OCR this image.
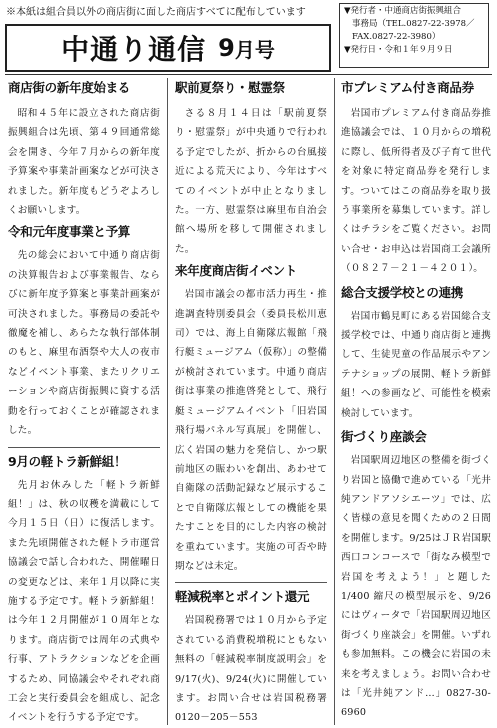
※本紙は組合員以外の商店街に面した商店すべてに配布しています
中通り通信 9 月号
▼発行者・中通商店街振興組合
事務局（TEL.0827-22-3978／
FAX.0827-22-3980）
▼発行日・令和１年９月９日
商店街の新年度始まる

昭和４５年に設立された商店街振興組合は先頃、第４９回通常総会を開き、今年７月からの新年度予算案や事業計画案などが可決されました。新年度もどうぞよろしくお願いします。

令和元年度事業と予算

先の総会において中通り商店街の決算報告および事業報告、ならびに新年度予算案と事業計画案が可決されました。事務局の委託や徹魔を補し、あらたな執行部体制のもと、麻里布酒祭や大人の夜市などイベント事業、またリクリエーションや商店街振興に資する活動を行っておくことが確認されました。

9月の軽トラ新鮮組！

先月お休みした「軽トラ新鮮組！」は、秋の収穫を満載にして今月１５日（日）に復活します。また先頃開催された軽トラ市運営協議会で話し合われた、開催曜日の変更などは、来年１月以降に実施する予定です。軽トラ新鮮組！は今年１２月開催が１０周年となります。商店街では周年の式典や行事、アトラクションなどを企画するため、同協議会やそれぞれ商工会と実行委員会を組成し、記念イベントを行うする予定です。

駅前夏祭り・慰霊祭

さる８月１４日は「駅前夏祭り・慰霊祭」が中央通りで行われる予定でしたが、折からの台風接近による荒天により、今年はすべてのイベントが中止となりました。一方、慰霊祭は麻里布自治会館へ場所を移して開催されました。

来年度商店街イベント

岩国市議会の都市活力再生・推進調査特別委員会（委員長松川恵司）では、海上自衛隊広報館「飛行艇ミュージアム（仮称）」の整備が検討されています。中通り商店街は事業の推進啓発として、飛行艇ミュージアムイベント「旧岩国飛行場パネル写真展」を開催し、広く岩国の魅力を発信し、かつ駅前地区の賑わいを創出、あわせて自衛隊の活動記録など展示することで自衛隊広報としての機能を果たすことを目的にした内容の検討を重ねています。実施の可否や時期などは未定。

軽減税率とポイント還元

岩国税務署では１０月から予定されている消費税増税にともない無料の「軽減税率制度説明会」を 9/17(火)、9/24(火)に開催しています。お問い合せは岩国税務署 0120－205－553

市プレミアム付き商品券

岩国市プレミアム付き商品券推進協議会では、１０月からの増税に際し、低所得者及び子育て世代を対象に特定商品券を発行します。ついてはこの商品券を取り扱う事業所を募集しています。詳しくはチラシをご覧ください。お問い合せ・お申込は岩国商工会議所（０８２７－２１－４２０１）。

総合支援学校との連携

岩国市鶴見町にある岩国総合支援学校では、中通り商店街と連携して、生徒児童の作品展示やアンテナショップの展開、軽トラ新鮮組！への参画など、可能性を模索検討しています。

街づくり座談会

岩国駅周辺地区の整備を街づくり岩国と協働で進めている「光井純アンドアソシエーツ」では、広く皆様の意見を聞くための２日間を開催します。9/25はＪＲ岩国駅西口コンコースで「街なみ模型で岩国を考えよう！」と題した 1/400 縮尺の模型展示を、9/26 にはヴィータで「岩国駅周辺地区街づくり座談会」を開催。いずれも参加無料。この機会に岩国の未来を考えましょう。お問い合わせは「光井純アンド…」0827-30-6960
